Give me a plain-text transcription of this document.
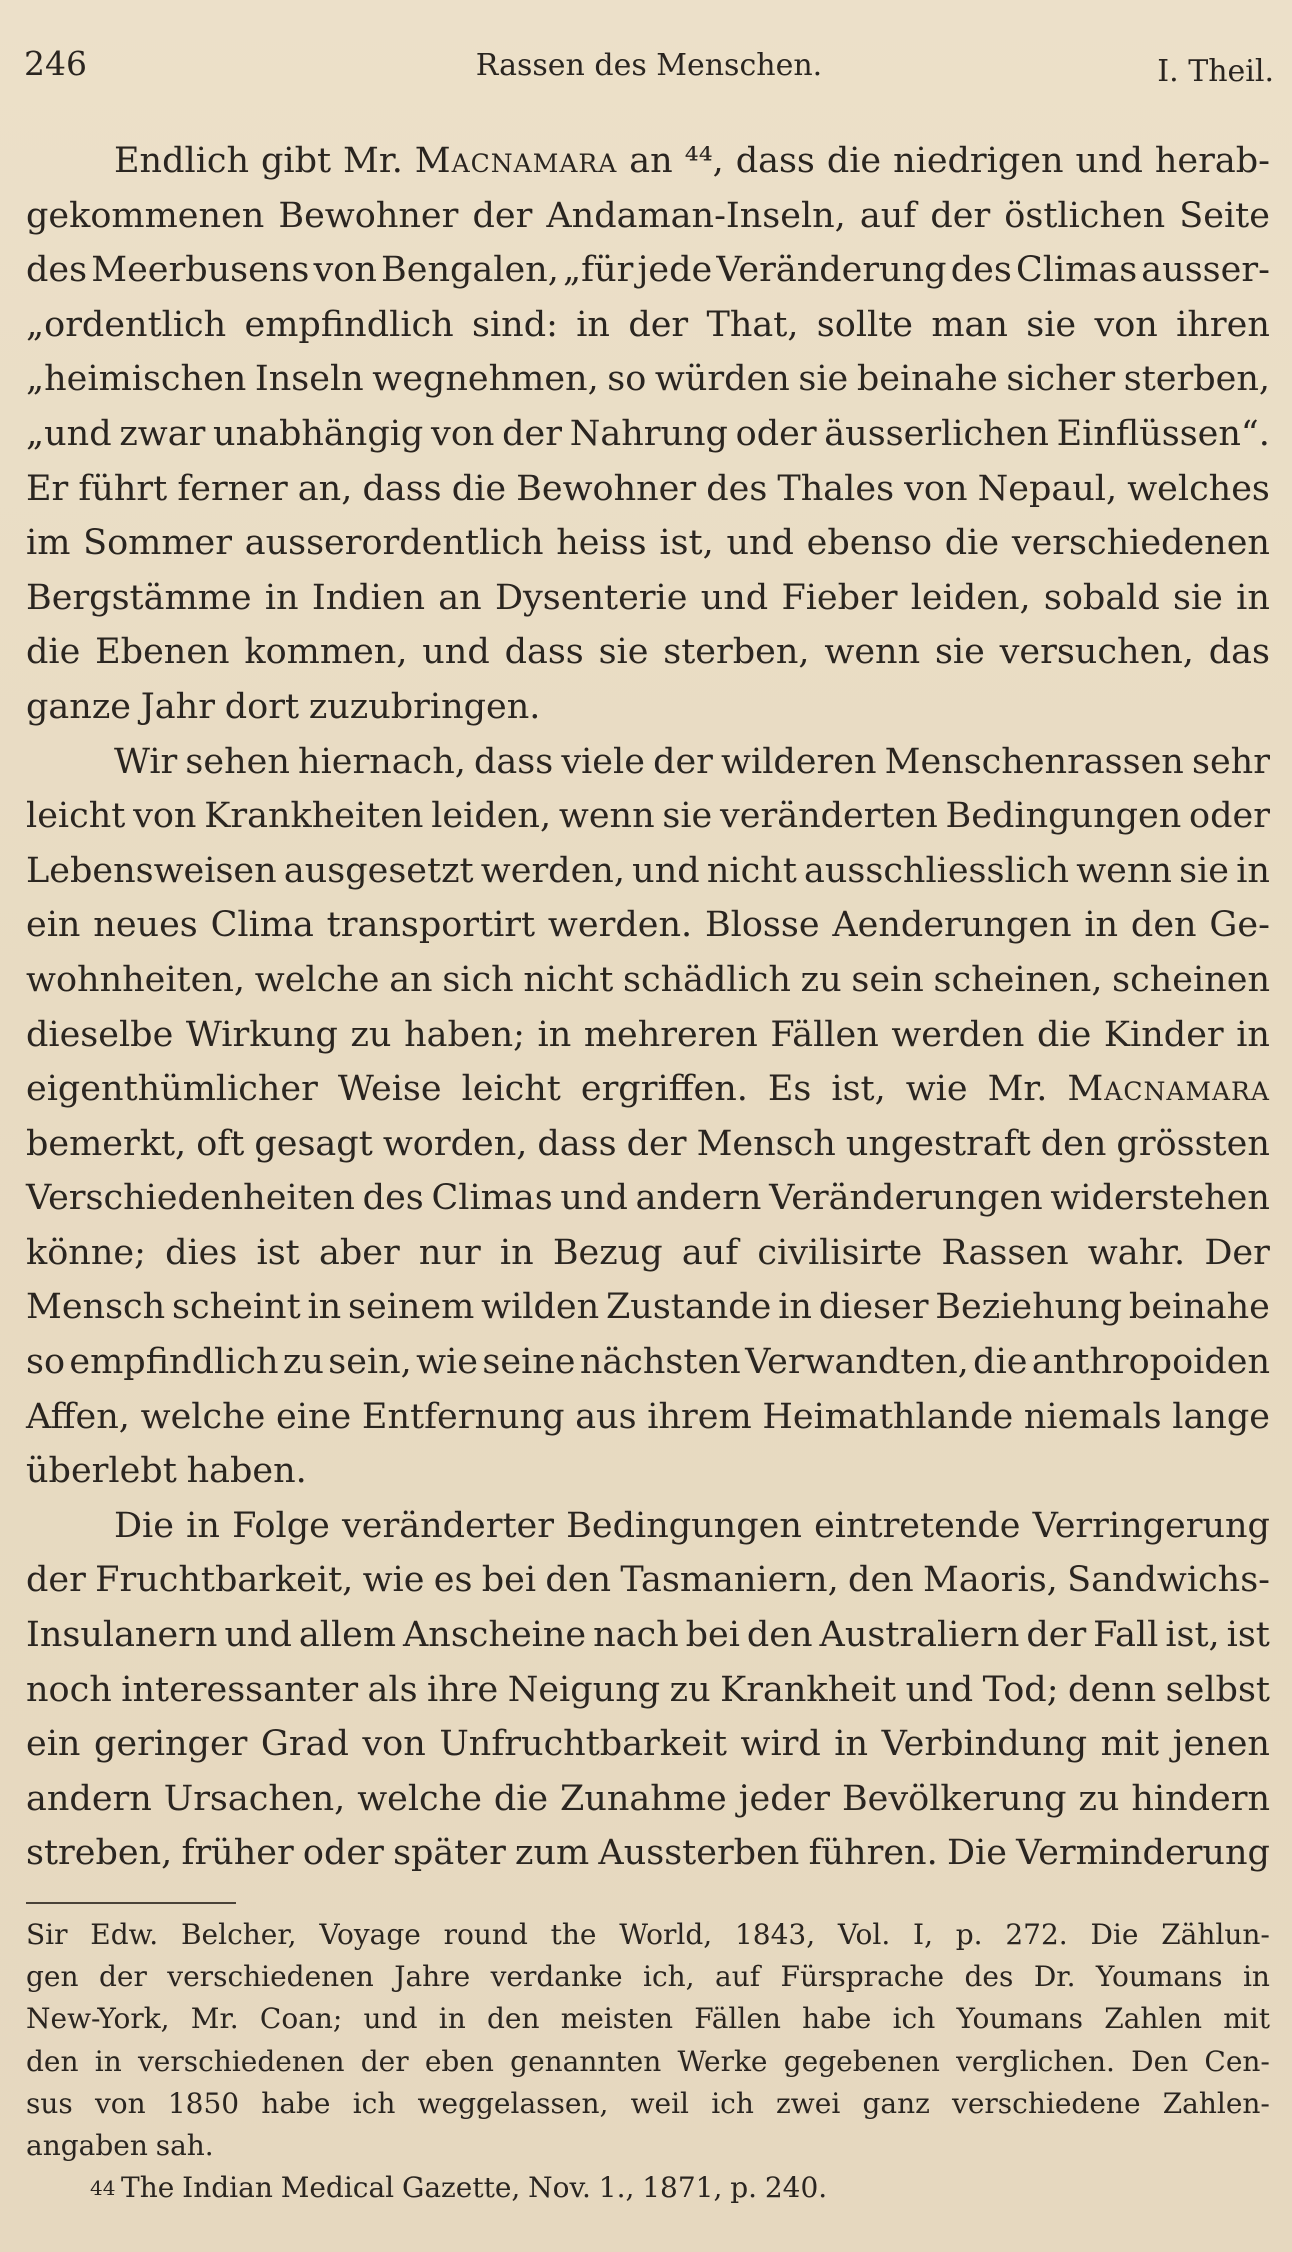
246	Rassen des Menschen.	I. Theil.
Endlich gibt Mr. Macnamara an ⁴⁴, dass die niedrigen und herab-
gekommenen Bewohner der Andaman-Inseln, auf der östlichen Seite
des Meerbusens von Bengalen, „für jede Veränderung des Climas ausser-
„ordentlich empfindlich sind: in der That, sollte man sie von ihren
„heimischen Inseln wegnehmen, so würden sie beinahe sicher sterben,
„und zwar unabhängig von der Nahrung oder äusserlichen Einflüssen“.
Er führt ferner an, dass die Bewohner des Thales von Nepaul, welches
im Sommer ausserordentlich heiss ist, und ebenso die verschiedenen
Bergstämme in Indien an Dysenterie und Fieber leiden, sobald sie in
die Ebenen kommen, und dass sie sterben, wenn sie versuchen, das
ganze Jahr dort zuzubringen.
Wir sehen hiernach, dass viele der wilderen Menschenrassen sehr
leicht von Krankheiten leiden, wenn sie veränderten Bedingungen oder
Lebensweisen ausgesetzt werden, und nicht ausschliesslich wenn sie in
ein neues Clima transportirt werden. Blosse Aenderungen in den Ge-
wohnheiten, welche an sich nicht schädlich zu sein scheinen, scheinen
dieselbe Wirkung zu haben; in mehreren Fällen werden die Kinder in
eigenthümlicher Weise leicht ergriffen. Es ist, wie Mr. Macnamara
bemerkt, oft gesagt worden, dass der Mensch ungestraft den grössten
Verschiedenheiten des Climas und andern Veränderungen widerstehen
könne; dies ist aber nur in Bezug auf civilisirte Rassen wahr. Der
Mensch scheint in seinem wilden Zustande in dieser Beziehung beinahe
so empfindlich zu sein, wie seine nächsten Verwandten, die anthropoiden
Affen, welche eine Entfernung aus ihrem Heimathlande niemals lange
überlebt haben.
Die in Folge veränderter Bedingungen eintretende Verringerung
der Fruchtbarkeit, wie es bei den Tasmaniern, den Maoris, Sandwichs-
Insulanern und allem Anscheine nach bei den Australiern der Fall ist, ist
noch interessanter als ihre Neigung zu Krankheit und Tod; denn selbst
ein geringer Grad von Unfruchtbarkeit wird in Verbindung mit jenen
andern Ursachen, welche die Zunahme jeder Bevölkerung zu hindern
streben, früher oder später zum Aussterben führen. Die Verminderung
Sir Edw. Belcher, Voyage round the World, 1843, Vol. I, p. 272. Die Zählun-
gen der verschiedenen Jahre verdanke ich, auf Fürsprache des Dr. Youmans in
New-York, Mr. Coan; und in den meisten Fällen habe ich Youmans Zahlen mit
den in verschiedenen der eben genannten Werke gegebenen verglichen. Den Cen-
sus von 1850 habe ich weggelassen, weil ich zwei ganz verschiedene Zahlen-
angaben sah.
44 The Indian Medical Gazette, Nov. 1., 1871, p. 240.
